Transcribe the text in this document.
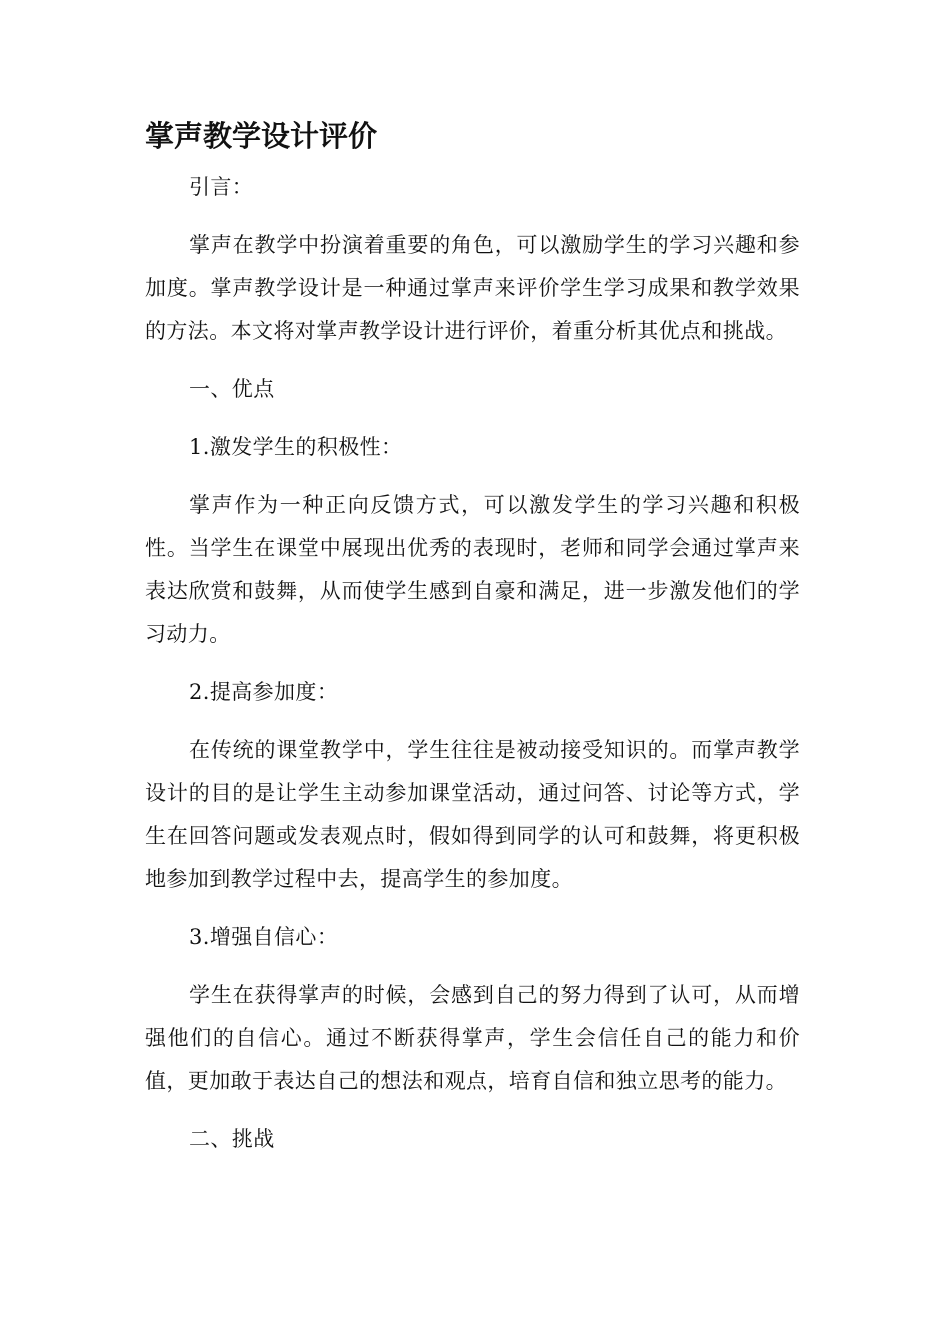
掌声教学设计评价

引言：

掌声在教学中扮演着重要的角色，可以激励学生的学习兴趣和参加度。掌声教学设计是一种通过掌声来评价学生学习成果和教学效果的方法。本文将对掌声教学设计进行评价，着重分析其优点和挑战。

一、优点

1.激发学生的积极性：

掌声作为一种正向反馈方式，可以激发学生的学习兴趣和积极性。当学生在课堂中展现出优秀的表现时，老师和同学会通过掌声来表达欣赏和鼓舞，从而使学生感到自豪和满足，进一步激发他们的学习动力。

2.提高参加度：

在传统的课堂教学中，学生往往是被动接受知识的。而掌声教学设计的目的是让学生主动参加课堂活动，通过问答、讨论等方式，学生在回答问题或发表观点时，假如得到同学的认可和鼓舞，将更积极地参加到教学过程中去，提高学生的参加度。

3.增强自信心：

学生在获得掌声的时候，会感到自己的努力得到了认可，从而增强他们的自信心。通过不断获得掌声，学生会信任自己的能力和价值，更加敢于表达自己的想法和观点，培育自信和独立思考的能力。

二、挑战
